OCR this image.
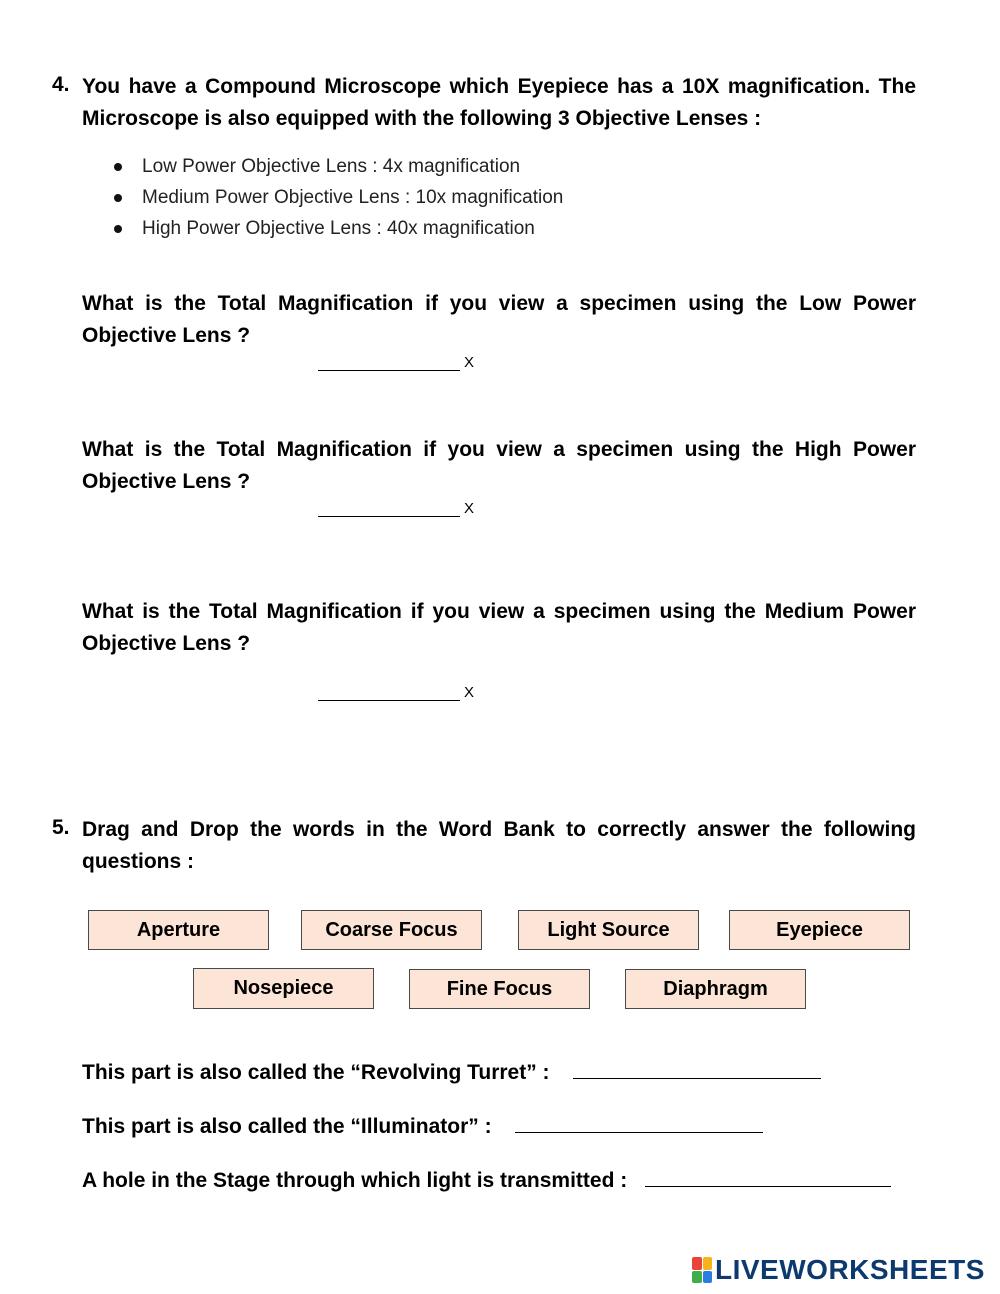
4. You have a Compound Microscope which Eyepiece has a 10X magnification. The Microscope is also equipped with the following 3 Objective Lenses :
Low Power Objective Lens : 4x magnification
Medium Power Objective Lens : 10x magnification
High Power Objective Lens : 40x magnification
What is the Total Magnification if you view a specimen using the Low Power Objective Lens ?
X
What is the Total Magnification if you view a specimen using the High Power Objective Lens ?
X
What is the Total Magnification if you view a specimen using the Medium Power Objective Lens ?
X
5. Drag and Drop the words in the Word Bank to correctly answer the following questions :
Aperture	Coarse Focus	Light Source	Eyepiece
Nosepiece	Fine Focus	Diaphragm
This part is also called the “Revolving Turret” :
This part is also called the “Illuminator” :
A hole in the Stage through which light is transmitted :
LIVEWORKSHEETS
